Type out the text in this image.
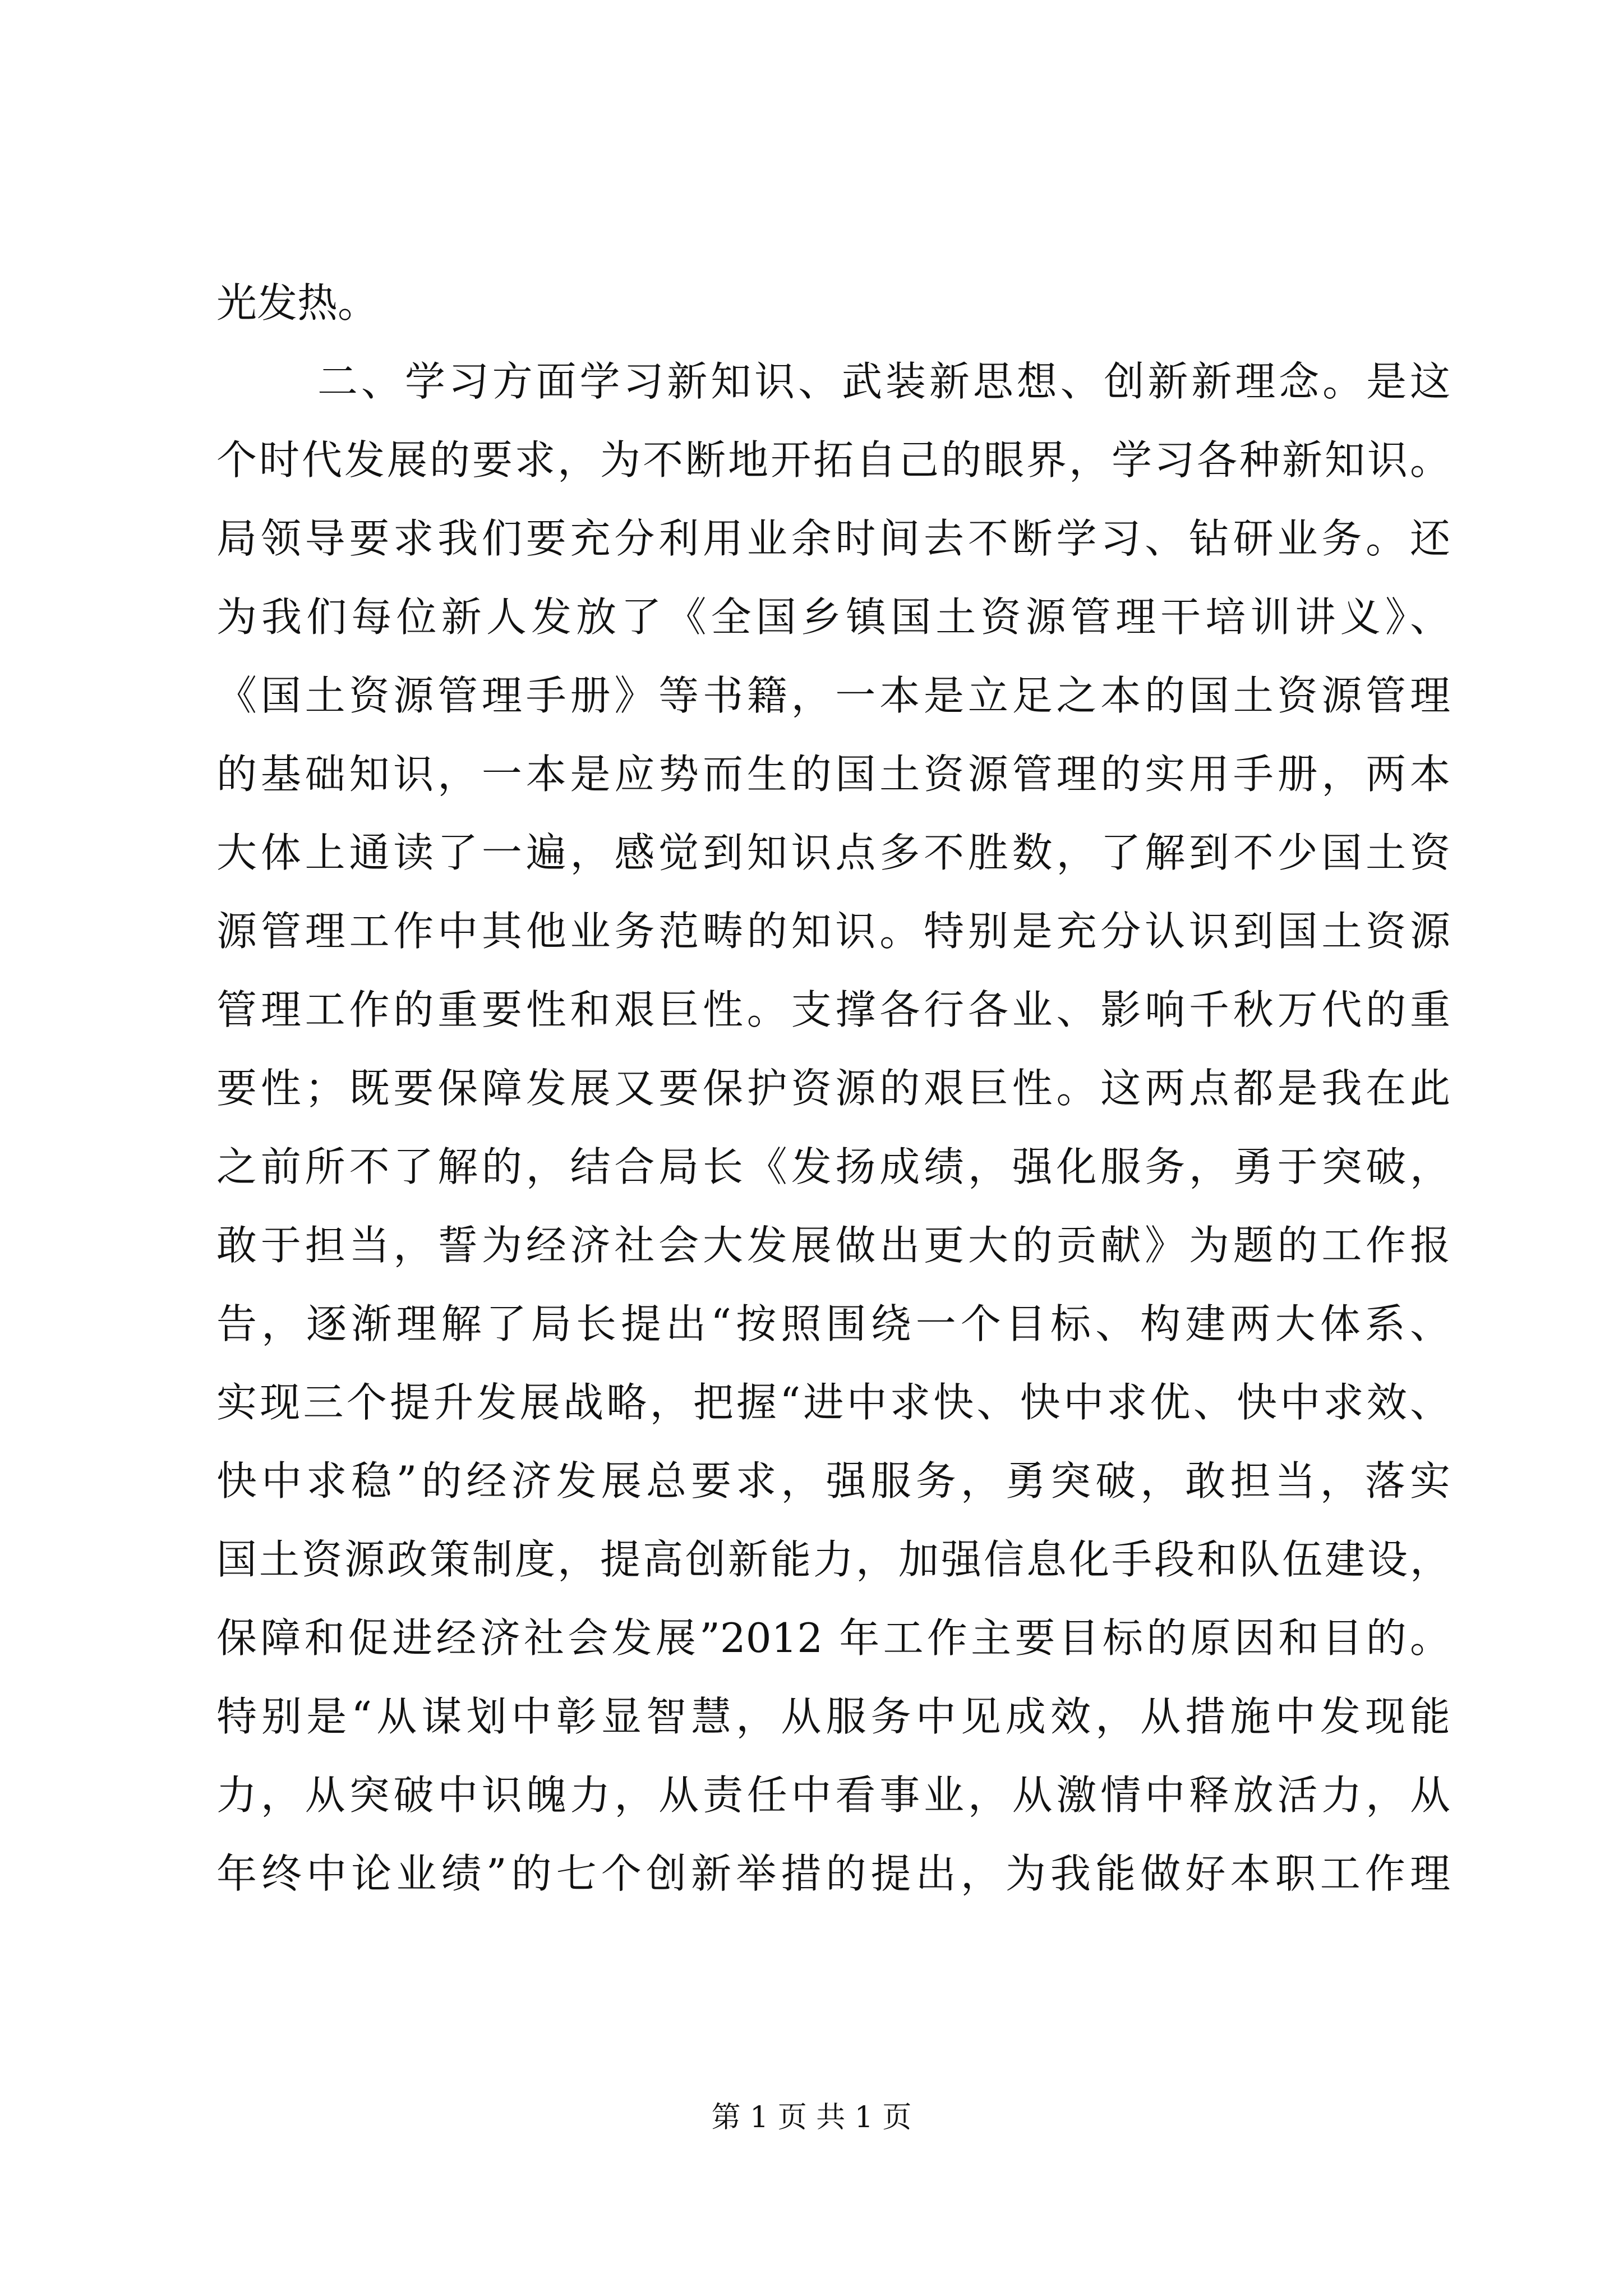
光发热。
二、学习方面学习新知识、武装新思想、创新新理念。是这
个时代发展的要求，为不断地开拓自己的眼界，学习各种新知识。
局领导要求我们要充分利用业余时间去不断学习、钻研业务。还
为我们每位新人发放了《全国乡镇国土资源管理干培训讲义》、
《国土资源管理手册》等书籍，一本是立足之本的国土资源管理
的基础知识，一本是应势而生的国土资源管理的实用手册，两本
大体上通读了一遍，感觉到知识点多不胜数，了解到不少国土资
源管理工作中其他业务范畴的知识。特别是充分认识到国土资源
管理工作的重要性和艰巨性。支撑各行各业、影响千秋万代的重
要性；既要保障发展又要保护资源的艰巨性。这两点都是我在此
之前所不了解的，结合局长《发扬成绩，强化服务，勇于突破，
敢于担当，誓为经济社会大发展做出更大的贡献》为题的工作报
告，逐渐理解了局长提出“按照围绕一个目标、构建两大体系、
实现三个提升发展战略，把握“进中求快、快中求优、快中求效、
快中求稳”的经济发展总要求，强服务，勇突破，敢担当，落实
国土资源政策制度，提高创新能力，加强信息化手段和队伍建设，
保障和促进经济社会发展”2012 年工作主要目标的原因和目的。
特别是“从谋划中彰显智慧，从服务中见成效，从措施中发现能
力，从突破中识魄力，从责任中看事业，从激情中释放活力，从
年终中论业绩”的七个创新举措的提出，为我能做好本职工作理
第 1 页 共 1 页
